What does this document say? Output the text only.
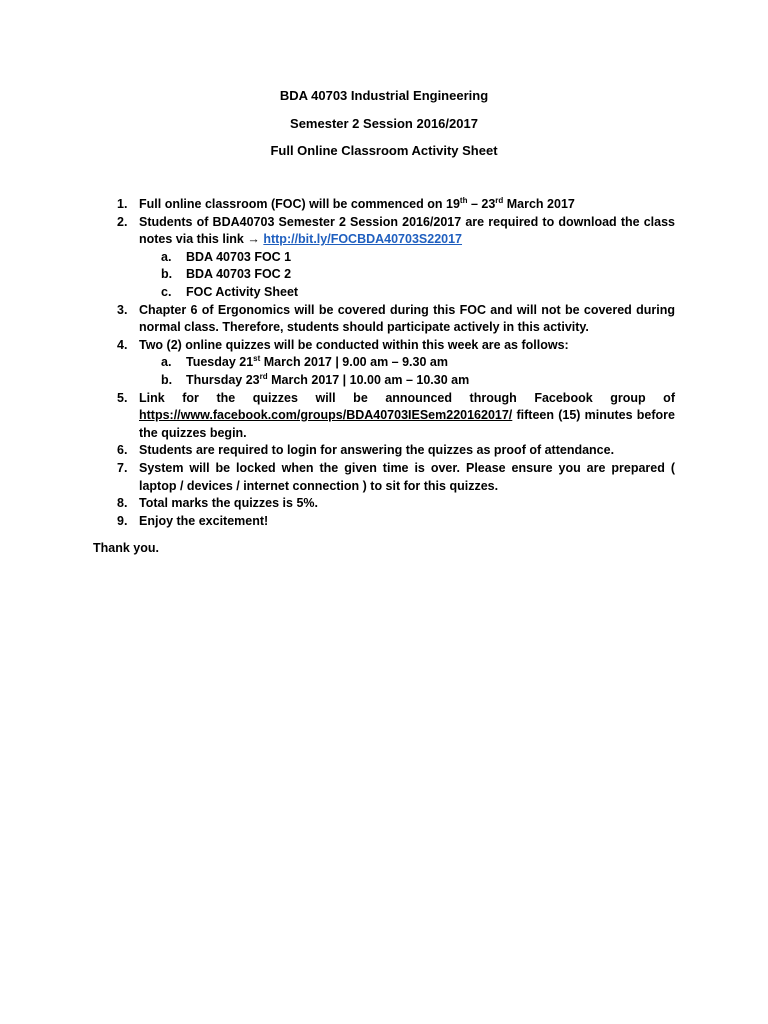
BDA 40703 Industrial Engineering
Semester 2 Session 2016/2017
Full Online Classroom Activity Sheet
1. Full online classroom (FOC) will be commenced on 19th – 23rd March 2017
2. Students of BDA40703 Semester 2 Session 2016/2017 are required to download the class notes via this link → http://bit.ly/FOCBDA40703S22017
a.	BDA 40703 FOC 1
b.	BDA 40703 FOC 2
c.	FOC Activity Sheet
3. Chapter 6 of Ergonomics will be covered during this FOC and will not be covered during normal class. Therefore, students should participate actively in this activity.
4. Two (2) online quizzes will be conducted within this week are as follows:
a.	Tuesday 21st March 2017 | 9.00 am – 9.30 am
b.	Thursday 23rd March 2017 | 10.00 am – 10.30 am
5. Link for the quizzes will be announced through Facebook group of https://www.facebook.com/groups/BDA40703IESem220162017/ fifteen (15) minutes before the quizzes begin.
6. Students are required to login for answering the quizzes as proof of attendance.
7. System will be locked when the given time is over. Please ensure you are prepared ( laptop / devices / internet connection ) to sit for this quizzes.
8. Total marks the quizzes is 5%.
9. Enjoy the excitement!
Thank you.
